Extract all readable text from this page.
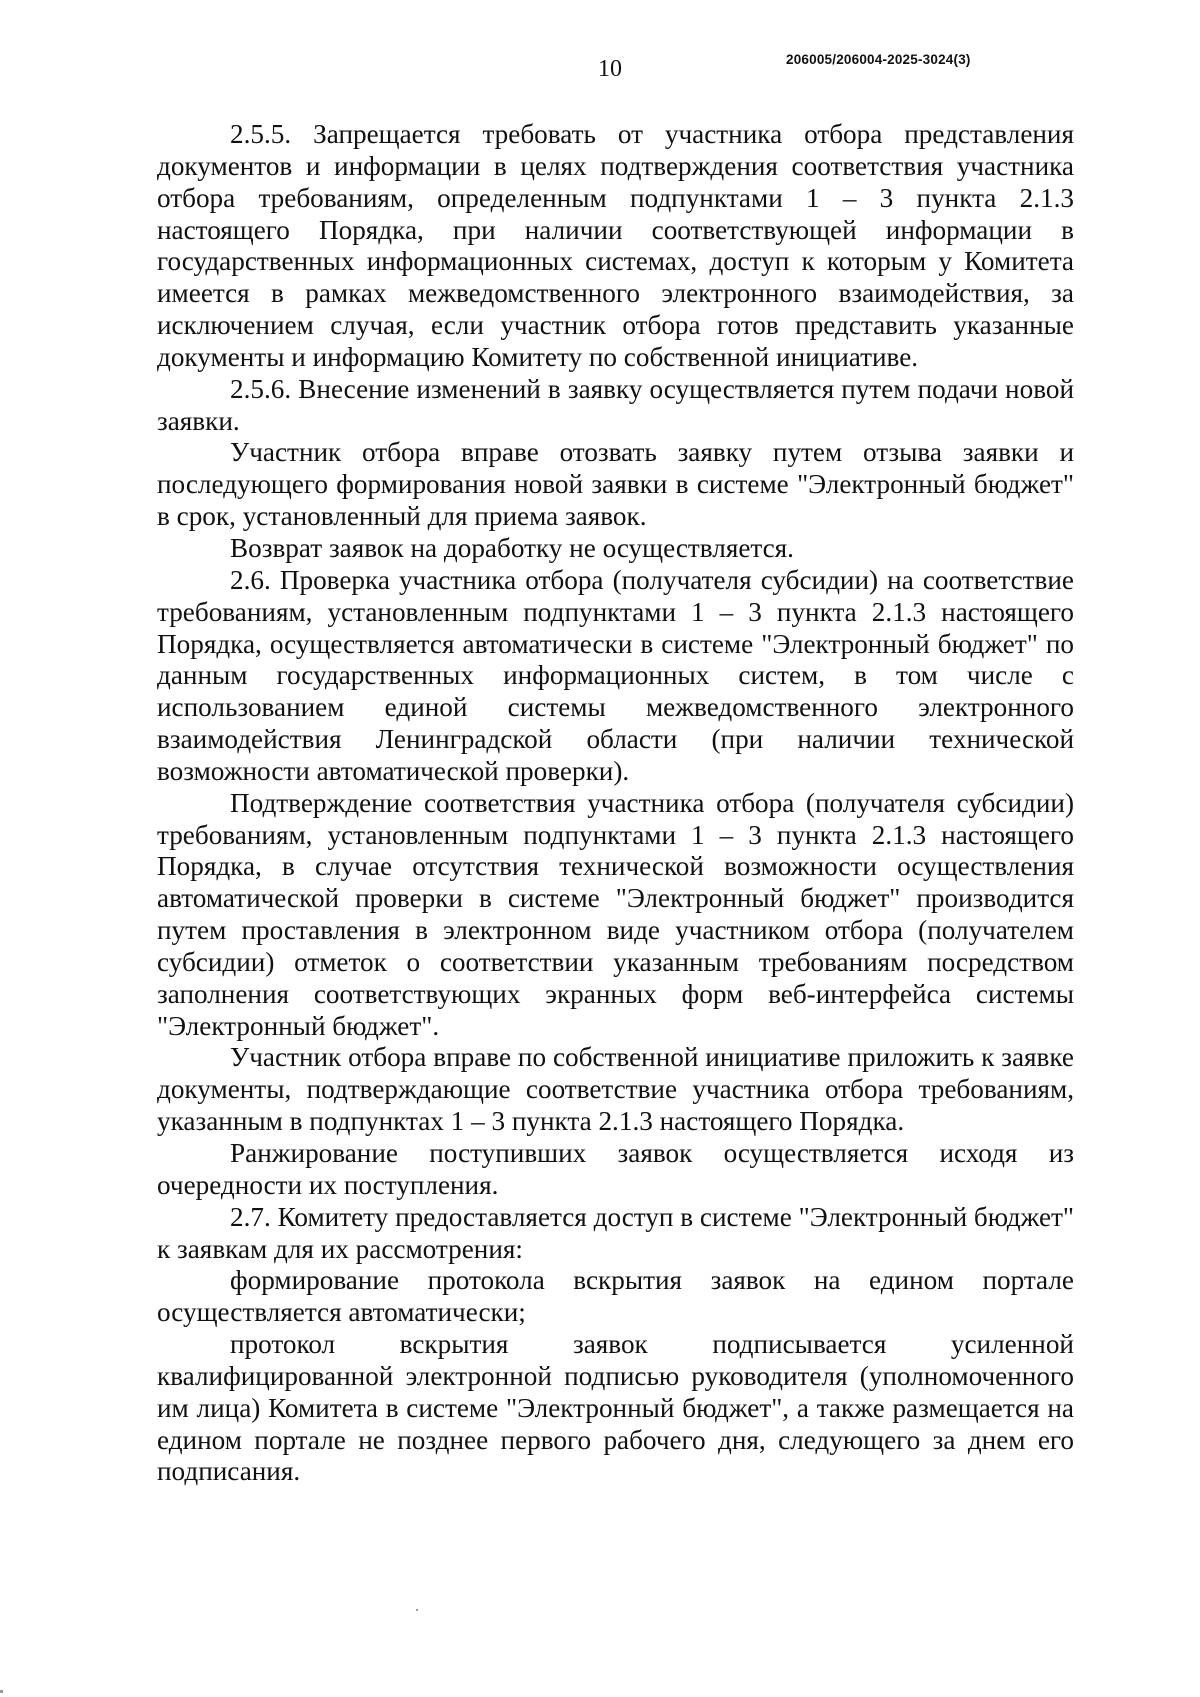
10	206005/206004-2025-3024(3)

2.5.5. Запрещается требовать от участника отбора представления документов и информации в целях подтверждения соответствия участника отбора требованиям, определенным подпунктами 1 – 3 пункта 2.1.3 настоящего Порядка, при наличии соответствующей информации в государственных информационных системах, доступ к которым у Комитета имеется в рамках межведомственного электронного взаимодействия, за исключением случая, если участник отбора готов представить указанные документы и информацию Комитету по собственной инициативе.

2.5.6. Внесение изменений в заявку осуществляется путем подачи новой заявки.

Участник отбора вправе отозвать заявку путем отзыва заявки и последующего формирования новой заявки в системе "Электронный бюджет" в срок, установленный для приема заявок.

Возврат заявок на доработку не осуществляется.

2.6. Проверка участника отбора (получателя субсидии) на соответствие требованиям, установленным подпунктами 1 – 3 пункта 2.1.3 настоящего Порядка, осуществляется автоматически в системе "Электронный бюджет" по данным государственных информационных систем, в том числе с использованием единой системы межведомственного электронного взаимодействия Ленинградской области (при наличии технической возможности автоматической проверки).

Подтверждение соответствия участника отбора (получателя субсидии) требованиям, установленным подпунктами 1 – 3 пункта 2.1.3 настоящего Порядка, в случае отсутствия технической возможности осуществления автоматической проверки в системе "Электронный бюджет" производится путем проставления в электронном виде участником отбора (получателем субсидии) отметок о соответствии указанным требованиям посредством заполнения соответствующих экранных форм веб-интерфейса системы "Электронный бюджет".

Участник отбора вправе по собственной инициативе приложить к заявке документы, подтверждающие соответствие участника отбора требованиям, указанным в подпунктах 1 – 3 пункта 2.1.3 настоящего Порядка.

Ранжирование поступивших заявок осуществляется исходя из очередности их поступления.

2.7. Комитету предоставляется доступ в системе "Электронный бюджет" к заявкам для их рассмотрения:

формирование протокола вскрытия заявок на едином портале осуществляется автоматически;

протокол вскрытия заявок подписывается усиленной квалифицированной электронной подписью руководителя (уполномоченного им лица) Комитета в системе "Электронный бюджет", а также размещается на едином портале не позднее первого рабочего дня, следующего за днем его подписания.
